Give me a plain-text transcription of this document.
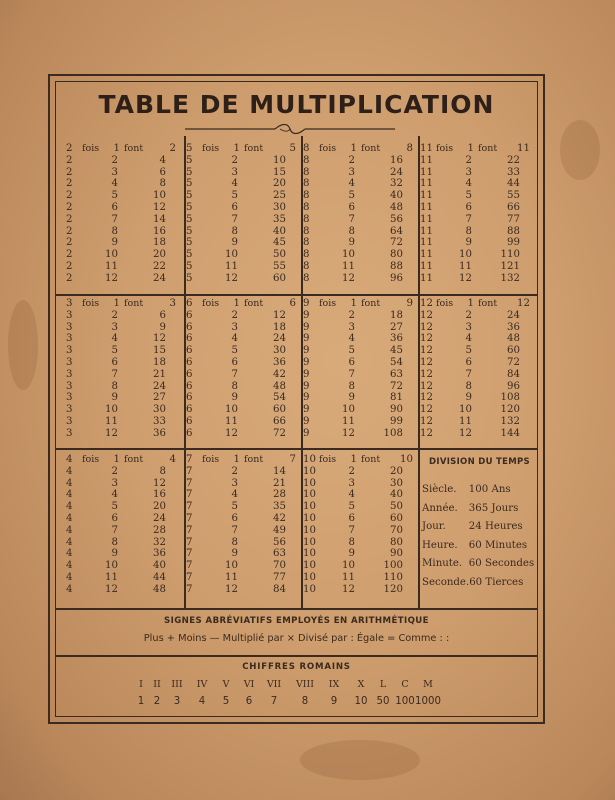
TABLE DE MULTIPLICATION
2	fois	1 font	2
2	2	4
2	3	6
2	4	8
2	5	10
2	6	12
2	7	14
2	8	16
2	9	18
2	10	20
2	11	22
2	12	24
5	fois	1 font	5
5	2	10
5	3	15
5	4	20
5	5	25
5	6	30
5	7	35
5	8	40
5	9	45
5	10	50
5	11	55
5	12	60
8	fois	1 font	8
8	2	16
8	3	24
8	4	32
8	5	40
8	6	48
8	7	56
8	8	64
8	9	72
8	10	80
8	11	88
8	12	96
11 fois	1 font	11
11	2	22
11	3	33
11	4	44
11	5	55
11	6	66
11	7	77
11	8	88
11	9	99
11	10	110
11	11	121
11	12	132
3	fois	1 font	3
3	2	6
3	3	9
3	4	12
3	5	15
3	6	18
3	7	21
3	8	24
3	9	27
3	10	30
3	11	33
3	12	36
6	fois	1 font	6
6	2	12
6	3	18
6	4	24
6	5	30
6	6	36
6	7	42
6	8	48
6	9	54
6	10	60
6	11	66
6	12	72
9	fois	1 font	9
9	2	18
9	3	27
9	4	36
9	5	45
9	6	54
9	7	63
9	8	72
9	9	81
9	10	90
9	11	99
9	12	108
12 fois	1 font	12
12	2	24
12	3	36
12	4	48
12	5	60
12	6	72
12	7	84
12	8	96
12	9	108
12	10	120
12	11	132
12	12	144
4	fois	1 font	4
4	2	8
4	3	12
4	4	16
4	5	20
4	6	24
4	7	28
4	8	32
4	9	36
4	10	40
4	11	44
4	12	48
7	fois	1 font	7
7	2	14
7	3	21
7	4	28
7	5	35
7	6	42
7	7	49
7	8	56
7	9	63
7	10	70
7	11	77
7	12	84
10 fois	1 font	10
10	2	20
10	3	30
10	4	40
10	5	50
10	6	60
10	7	70
10	8	80
10	9	90
10	10	100
10	11	110
10	12	120
DIVISION DU TEMPS
Siècle.	100 Ans
Année.	365 Jours
Jour.	24 Heures
Heure.	60 Minutes
Minute. 60 Secondes
Seconde. 60 Tierces
SIGNES ABRÉVIATIFS EMPLOYÉS EN ARITHMÉTIQUE
Plus + Moins — Multiplié par × Divisé par : Égale = Comme : :
CHIFFRES ROMAINS
I II III IV V VI VII VIII IX X L C M
1 2 3 4 5 6 7 8 9 10 50 100 1000
